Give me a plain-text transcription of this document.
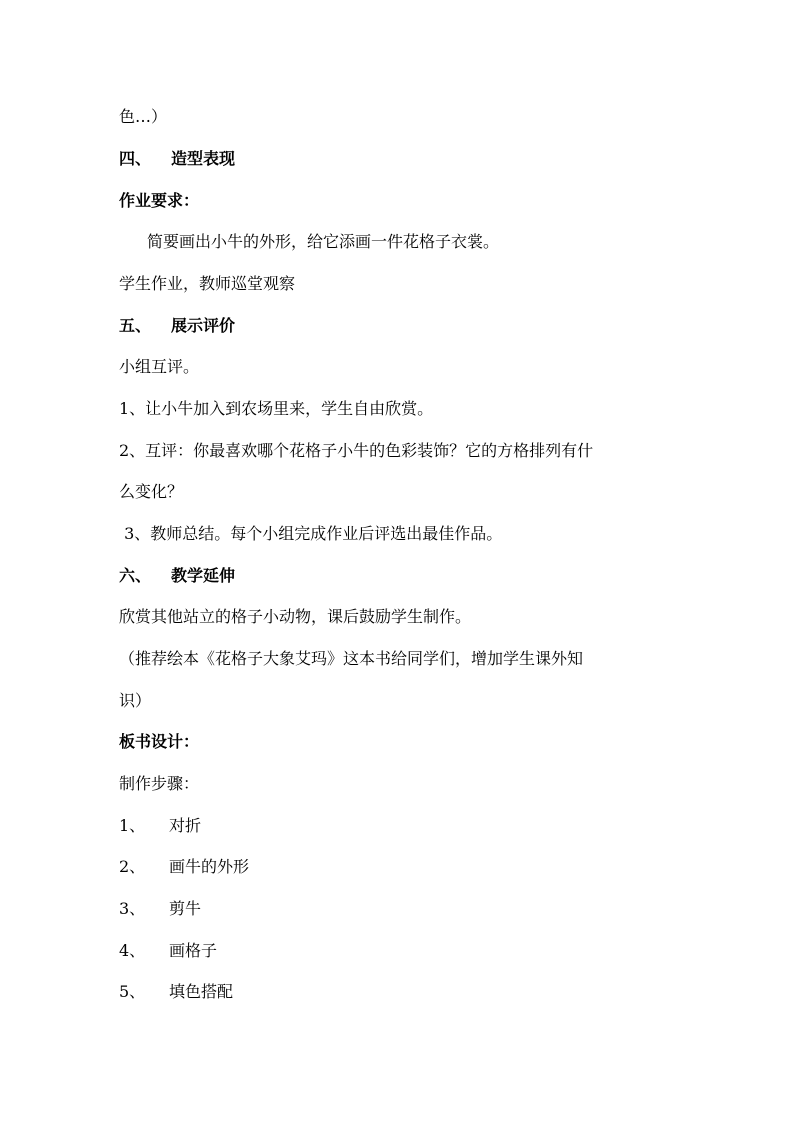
色…）
四、 造型表现
作业要求：
简要画出小牛的外形，给它添画一件花格子衣裳。
学生作业，教师巡堂观察
五、 展示评价
小组互评。
1、让小牛加入到农场里来，学生自由欣赏。
2、互评：你最喜欢哪个花格子小牛的色彩装饰？它的方格排列有什
么变化？
3、教师总结。每个小组完成作业后评选出最佳作品。
六、 教学延伸
欣赏其他站立的格子小动物，课后鼓励学生制作。
（推荐绘本《花格子大象艾玛》这本书给同学们，增加学生课外知
识）
板书设计：
制作步骤：
1、 对折
2、 画牛的外形
3、 剪牛
4、 画格子
5、 填色搭配
